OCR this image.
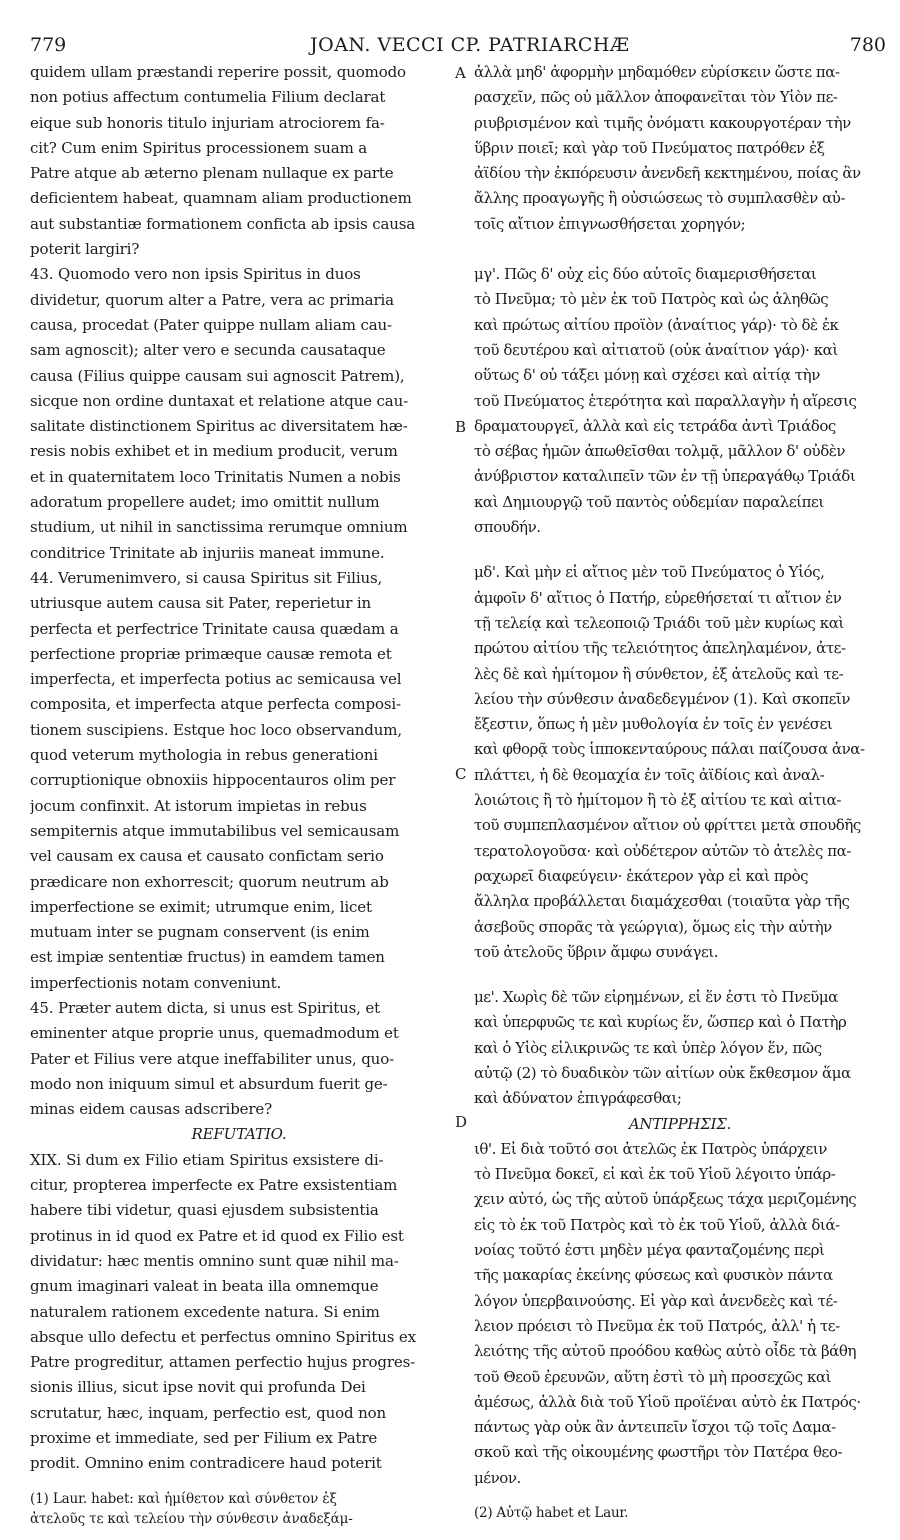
779	JOAN. VECCI CP. PATRIARCHÆ	780
A
B
C
D

quidem ullam præstandi reperire possit, quomodo

non potius affectum contumelia Filium declarat

eique sub honoris titulo injuriam atrociorem fa-

cit? Cum enim Spiritus processionem suam a

Patre atque ab æterno plenam nullaque ex parte

deficientem habeat, quamnam aliam productionem

aut substantiæ formationem conficta ab ipsis causa

poterit largiri?

43. Quomodo vero non ipsis Spiritus in duos

dividetur, quorum alter a Patre, vera ac primaria

causa, procedat (Pater quippe nullam aliam cau-

sam agnoscit); alter vero e secunda causataque

causa (Filius quippe causam sui agnoscit Patrem),

sicque non ordine duntaxat et relatione atque cau-

salitate distinctionem Spiritus ac diversitatem hæ-

resis nobis exhibet et in medium producit, verum

et in quaternitatem loco Trinitatis Numen a nobis

adoratum propellere audet; imo omittit nullum

studium, ut nihil in sanctissima rerumque omnium

conditrice Trinitate ab injuriis maneat immune.

44. Verumenimvero, si causa Spiritus sit Filius,

utriusque autem causa sit Pater, reperietur in

perfecta et perfectrice Trinitate causa quædam a

perfectione propriæ primæque causæ remota et

imperfecta, et imperfecta potius ac semicausa vel

composita, et imperfecta atque perfecta composi-

tionem suscipiens. Estque hoc loco observandum,

quod veterum mythologia in rebus generationi

corruptionique obnoxiis hippocentauros olim per

jocum confinxit. At istorum impietas in rebus

sempiternis atque immutabilibus vel semicausam

vel causam ex causa et causato confictam serio

prædicare non exhorrescit; quorum neutrum ab

imperfectione se eximit; utrumque enim, licet

mutuam inter se pugnam conservent (is enim

est impiæ sententiæ fructus) in eamdem tamen

imperfectionis notam conveniunt.

45. Præter autem dicta, si unus est Spiritus, et

eminenter atque proprie unus, quemadmodum et

Pater et Filius vere atque ineffabiliter unus, quo-

modo non iniquum simul et absurdum fuerit ge-

minas eidem causas adscribere?

REFUTATIO.

XIX. Si dum ex Filio etiam Spiritus exsistere di-

citur, propterea imperfecte ex Patre exsistentiam

habere tibi videtur, quasi ejusdem subsistentia

protinus in id quod ex Patre et id quod ex Filio est

dividatur: hæc mentis omnino sunt quæ nihil ma-

gnum imaginari valeat in beata illa omnemque

naturalem rationem excedente natura. Si enim

absque ullo defectu et perfectus omnino Spiritus ex

Patre progreditur, attamen perfectio hujus progres-

sionis illius, sicut ipse novit qui profunda Dei

scrutatur, hæc, inquam, perfectio est, quod non

proxime et immediate, sed per Filium ex Patre

prodit. Omnino enim contradicere haud poterit

(1) Laur. habet: καὶ ἡμίθετον καὶ σύνθετον ἐξ

ἀτελοῦς τε καὶ τελείου τὴν σύνθεσιν ἀναδεξάμ-

ἀλλὰ μηδ' ἀφορμὴν μηδαμόθεν εὑρίσκειν ὥστε πα-

ρασχεῖν, πῶς οὐ μᾶλλον ἀποφανεῖται τὸν Υἱὸν πε-

ριυβρισμένον καὶ τιμῆς ὀνόματι κακουργοτέραν τὴν

ὕβριν ποιεῖ; καὶ γὰρ τοῦ Πνεύματος πατρόθεν ἐξ

ἀϊδίου τὴν ἐκπόρευσιν ἀνενδεῆ κεκτημένου, ποίας ἂν

ἄλλης προαγωγῆς ἢ οὐσιώσεως τὸ συμπλασθὲν αὐ-

τοῖς αἴτιον ἐπιγνωσθήσεται χορηγόν;

μγ'. Πῶς δ' οὐχ εἰς δύο αὐτοῖς διαμερισθήσεται

τὸ Πνεῦμα; τὸ μὲν ἐκ τοῦ Πατρὸς καὶ ὡς ἀληθῶς

καὶ πρώτως αἰτίου προϊὸν (ἀναίτιος γάρ)· τὸ δὲ ἐκ

τοῦ δευτέρου καὶ αἰτιατοῦ (οὐκ ἀναίτιον γάρ)· καὶ

οὕτως δ' οὐ τάξει μόνῃ καὶ σχέσει καὶ αἰτίᾳ τὴν

τοῦ Πνεύματος ἑτερότητα καὶ παραλλαγὴν ἡ αἵρεσις

δραματουργεῖ, ἀλλὰ καὶ εἰς τετράδα ἀντὶ Τριάδος

τὸ σέβας ἡμῶν ἀπωθεῖσθαι τολμᾷ, μᾶλλον δ' οὐδὲν

ἀνύβριστον καταλιπεῖν τῶν ἐν τῇ ὑπεραγάθῳ Τριάδι

καὶ Δημιουργῷ τοῦ παντὸς οὐδεμίαν παραλείπει

σπουδήν.

μδ'. Καὶ μὴν εἰ αἴτιος μὲν τοῦ Πνεύματος ὁ Υἱός,

ἀμφοῖν δ' αἴτιος ὁ Πατήρ, εὑρεθήσεταί τι αἴτιον ἐν

τῇ τελείᾳ καὶ τελεοποιῷ Τριάδι τοῦ μὲν κυρίως καὶ

πρώτου αἰτίου τῆς τελειότητος ἀπεληλαμένον, ἀτε-

λὲς δὲ καὶ ἡμίτομον ἢ σύνθετον, ἐξ ἀτελοῦς καὶ τε-

λείου τὴν σύνθεσιν ἀναδεδεγμένον (1). Καὶ σκοπεῖν

ἔξεστιν, ὅπως ἡ μὲν μυθολογία ἐν τοῖς ἐν γενέσει

καὶ φθορᾷ τοὺς ἱπποκενταύρους πάλαι παίζουσα ἀνα-

πλάττει, ἡ δὲ θεομαχία ἐν τοῖς ἀϊδίοις καὶ ἀναλ-

λοιώτοις ἢ τὸ ἡμίτομον ἢ τὸ ἐξ αἰτίου τε καὶ αἰτια-

τοῦ συμπεπλασμένον αἴτιον οὐ φρίττει μετὰ σπουδῆς

τερατολογοῦσα· καὶ οὐδέτερον αὐτῶν τὸ ἀτελὲς πα-

ραχωρεῖ διαφεύγειν· ἑκάτερον γὰρ εἰ καὶ πρὸς

ἄλληλα προβάλλεται διαμάχεσθαι (τοιαῦτα γὰρ τῆς

ἀσεβοῦς σπορᾶς τὰ γεώργια), ὅμως εἰς τὴν αὐτὴν

τοῦ ἀτελοῦς ὕβριν ἄμφω συνάγει.

με'. Χωρὶς δὲ τῶν εἰρημένων, εἰ ἕν ἐστι τὸ Πνεῦμα

καὶ ὑπερφυῶς τε καὶ κυρίως ἕν, ὥσπερ καὶ ὁ Πατὴρ

καὶ ὁ Υἱὸς εἰλικρινῶς τε καὶ ὑπὲρ λόγον ἕν, πῶς

αὐτῷ (2) τὸ δυαδικὸν τῶν αἰτίων οὐκ ἔκθεσμον ἅμα

καὶ ἀδύνατον ἐπιγράφεσθαι;

ΑΝΤΙΡΡΗΣΙΣ.

ιθ'. Εἰ διὰ τοῦτό σοι ἀτελῶς ἐκ Πατρὸς ὑπάρχειν

τὸ Πνεῦμα δοκεῖ, εἰ καὶ ἐκ τοῦ Υἱοῦ λέγοιτο ὑπάρ-

χειν αὐτό, ὡς τῆς αὐτοῦ ὑπάρξεως τάχα μεριζομένης

εἰς τὸ ἐκ τοῦ Πατρὸς καὶ τὸ ἐκ τοῦ Υἱοῦ, ἀλλὰ διά-

νοίας τοῦτό ἐστι μηδὲν μέγα φανταζομένης περὶ

τῆς μακαρίας ἐκείνης φύσεως καὶ φυσικὸν πάντα

λόγον ὑπερβαινούσης. Εἰ γὰρ καὶ ἀνενδεὲς καὶ τέ-

λειον πρόεισι τὸ Πνεῦμα ἐκ τοῦ Πατρός, ἀλλ' ἡ τε-

λειότης τῆς αὐτοῦ προόδου καθὼς αὐτὸ οἶδε τὰ βάθη

τοῦ Θεοῦ ἐρευνῶν, αὕτη ἐστὶ τὸ μὴ προσεχῶς καὶ

ἀμέσως, ἀλλὰ διὰ τοῦ Υἱοῦ προϊέναι αὐτὸ ἐκ Πατρός·

πάντως γὰρ οὐκ ἂν ἀντειπεῖν ἴσχοι τῷ τοῖς Δαμα-

σκοῦ καὶ τῆς οἰκουμένης φωστῆρι τὸν Πατέρα θεο-

μένον.

(2) Αὐτῷ habet et Laur.
